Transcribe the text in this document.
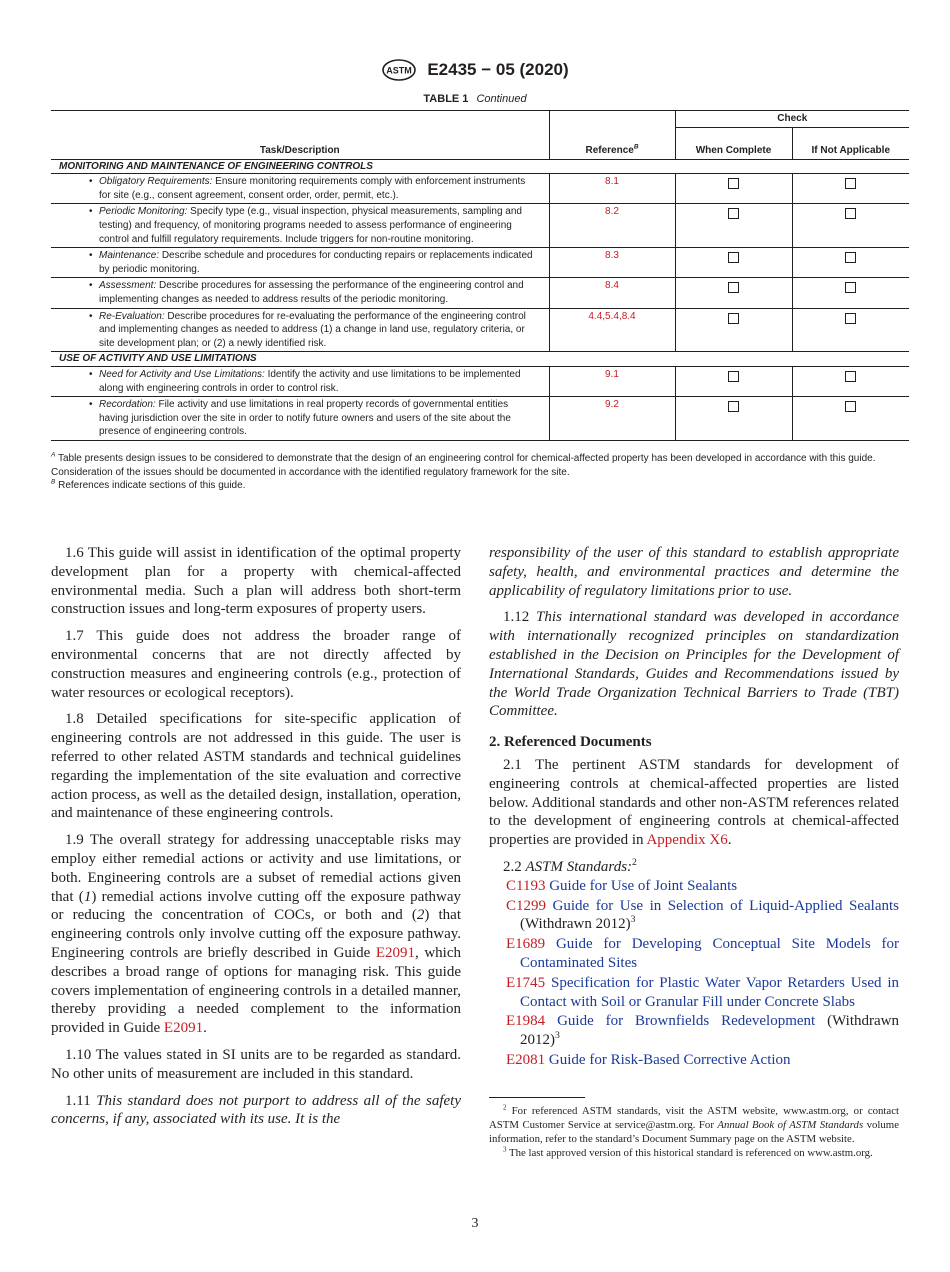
ASTM E2435 − 05 (2020)
TABLE 1 Continued
Task/Description	Reference$^B$	Check	
		When Complete	If Not Applicable
MONITORING AND MAINTENANCE OF ENGINEERING CONTROLS			

• Obligatory Requirements: Ensure monitoring requirements comply with enforcement instruments for site (e.g., consent agreement, consent order, order, permit, etc.).	8.1		

• Periodic Monitoring: Specify type (e.g., visual inspection, physical measurements, sampling and testing) and frequency, of monitoring programs needed to assess performance of engineering control and fulfill regulatory requirements. Include triggers for non-routine monitoring.	8.2		

• Maintenance: Describe schedule and procedures for conducting repairs or replacements indicated by periodic monitoring.	8.3		

• Assessment: Describe procedures for assessing the performance of the engineering control and implementing changes as needed to address results of the periodic monitoring.	8.4		

• Re-Evaluation: Describe procedures for re-evaluating the performance of the engineering control and implementing changes as needed to address (1) a change in land use, regulatory criteria, or site development plan; or (2) a newly identified risk.	4.4,5.4,8.4		
USE OF ACTIVITY AND USE LIMITATIONS			

• Need for Activity and Use Limitations: Identify the activity and use limitations to be implemented along with engineering controls in order to control risk.	9.1		

• Recordation: File activity and use limitations in real property records of governmental entities having jurisdiction over the site in order to notify future owners and users of the site about the presence of engineering controls.	9.2		
$^A$ Table presents design issues to be considered to demonstrate that the design of an engineering control for chemical-affected property has been developed in accordance with this guide. Consideration of the issues should be documented in accordance with the identified regulatory framework for the site.
$^B$ References indicate sections of this guide.

1.6 This guide will assist in identification of the optimal property development plan for a property with chemical-affected environmental media. Such a plan will address both short-term construction issues and long-term exposures of property users.

1.7 This guide does not address the broader range of environmental concerns that are not directly affected by construction measures and engineering controls (e.g., protection of water resources or ecological receptors).

1.8 Detailed specifications for site-specific application of engineering controls are not addressed in this guide. The user is referred to other related ASTM standards and technical guidelines regarding the implementation of the site evaluation and corrective action process, as well as the detailed design, installation, operation, and maintenance of these engineering controls.

1.9 The overall strategy for addressing unacceptable risks may employ either remedial actions or activity and use limitations, or both. Engineering controls are a subset of remedial actions given that (1) remedial actions involve cutting off the exposure pathway or reducing the concentration of COCs, or both and (2) that engineering controls only involve cutting off the exposure pathway. Engineering controls are briefly described in Guide E2091, which describes a broad range of options for managing risk. This guide covers implementation of engineering controls in a detailed manner, thereby providing a needed complement to the information provided in Guide E2091.

1.10 The values stated in SI units are to be regarded as standard. No other units of measurement are included in this standard.

1.11 This standard does not purport to address all of the safety concerns, if any, associated with its use. It is the

responsibility of the user of this standard to establish appropriate safety, health, and environmental practices and determine the applicability of regulatory limitations prior to use.

1.12 This international standard was developed in accordance with internationally recognized principles on standardization established in the Decision on Principles for the Development of International Standards, Guides and Recommendations issued by the World Trade Organization Technical Barriers to Trade (TBT) Committee.

2. Referenced Documents

2.1 The pertinent ASTM standards for development of engineering controls at chemical-affected properties are listed below. Additional standards and other non-ASTM references related to the development of engineering controls at chemical-affected properties are provided in Appendix X6.

2.2 ASTM Standards:$^2$

C1193 Guide for Use of Joint Sealants
C1299 Guide for Use in Selection of Liquid-Applied Sealants (Withdrawn 2012)$^3$
E1689 Guide for Developing Conceptual Site Models for Contaminated Sites
E1745 Specification for Plastic Water Vapor Retarders Used in Contact with Soil or Granular Fill under Concrete Slabs
E1984 Guide for Brownfields Redevelopment (Withdrawn 2012)$^3$
E2081 Guide for Risk-Based Corrective Action

$^2$ For referenced ASTM standards, visit the ASTM website, www.astm.org, or contact ASTM Customer Service at service@astm.org. For Annual Book of ASTM Standards volume information, refer to the standard’s Document Summary page on the ASTM website.

$^3$ The last approved version of this historical standard is referenced on www.astm.org.

3
